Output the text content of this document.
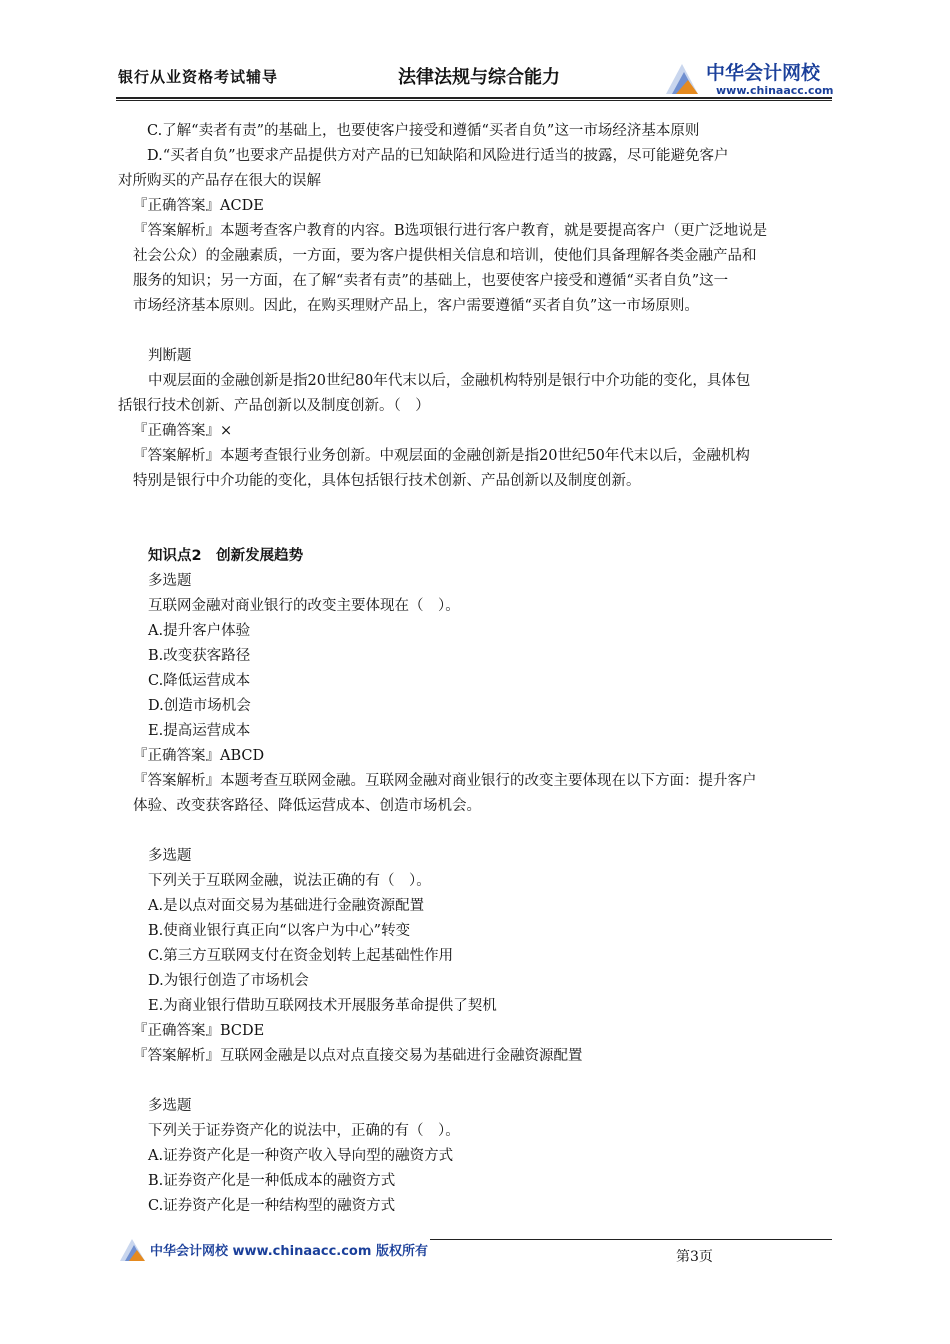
银行从业资格考试辅导	法律法规与综合能力	中华会计网校
www.chinaacc.com
C.了解“卖者有责”的基础上，也要使客户接受和遵循“买者自负”这一市场经济基本原则
D.“买者自负”也要求产品提供方对产品的已知缺陷和风险进行适当的披露，尽可能避免客户
对所购买的产品存在很大的误解
『正确答案』ACDE
『答案解析』本题考查客户教育的内容。B选项银行进行客户教育，就是要提高客户（更广泛地说是
社会公众）的金融素质，一方面，要为客户提供相关信息和培训，使他们具备理解各类金融产品和
服务的知识；另一方面，在了解“卖者有责”的基础上，也要使客户接受和遵循“买者自负”这一
市场经济基本原则。因此，在购买理财产品上，客户需要遵循“买者自负”这一市场原则。
判断题
中观层面的金融创新是指20世纪80年代末以后，金融机构特别是银行中介功能的变化，具体包
括银行技术创新、产品创新以及制度创新。（　）
『正确答案』×
『答案解析』本题考查银行业务创新。中观层面的金融创新是指20世纪50年代末以后，金融机构
特别是银行中介功能的变化，具体包括银行技术创新、产品创新以及制度创新。
知识点2　创新发展趋势
多选题
互联网金融对商业银行的改变主要体现在（　）。
A.提升客户体验
B.改变获客路径
C.降低运营成本
D.创造市场机会
E.提高运营成本
『正确答案』ABCD
『答案解析』本题考查互联网金融。互联网金融对商业银行的改变主要体现在以下方面：提升客户
体验、改变获客路径、降低运营成本、创造市场机会。
多选题
下列关于互联网金融，说法正确的有（　）。
A.是以点对面交易为基础进行金融资源配置
B.使商业银行真正向“以客户为中心”转变
C.第三方互联网支付在资金划转上起基础性作用
D.为银行创造了市场机会
E.为商业银行借助互联网技术开展服务革命提供了契机
『正确答案』BCDE
『答案解析』互联网金融是以点对点直接交易为基础进行金融资源配置
多选题
下列关于证券资产化的说法中，正确的有（　）。
A.证券资产化是一种资产收入导向型的融资方式
B.证券资产化是一种低成本的融资方式
C.证券资产化是一种结构型的融资方式
中华会计网校 www.chinaacc.com 版权所有	第3页
